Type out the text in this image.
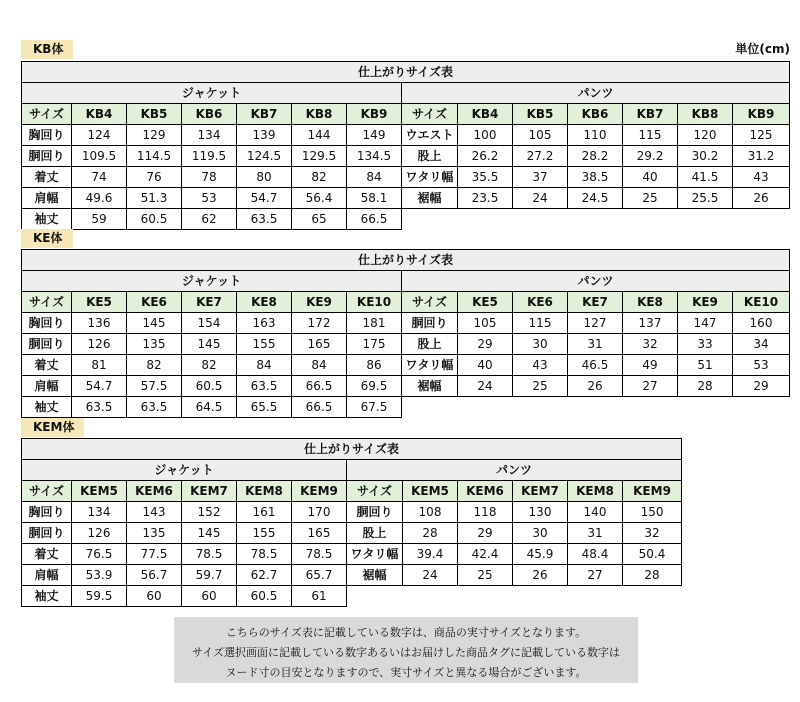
単位(cm)
KB体
仕上がりサイズ表													
ジャケット							パンツ						
サイズ	KB4	KB5	KB6	KB7	KB8	KB9	サイズ	KB4	KB5	KB6	KB7	KB8	KB9
胸回り	124	129	134	139	144	149	ウエスト	100	105	110	115	120	125
胴回り	109.5	114.5	119.5	124.5	129.5	134.5	股上	26.2	27.2	28.2	29.2	30.2	31.2
着丈	74	76	78	80	82	84	ワタリ幅	35.5	37	38.5	40	41.5	43
肩幅	49.6	51.3	53	54.7	56.4	58.1	裾幅	23.5	24	24.5	25	25.5	26
袖丈	59	60.5	62	63.5	65	66.5							
KE体
仕上がりサイズ表													
ジャケット							パンツ						
サイズ	KE5	KE6	KE7	KE8	KE9	KE10	サイズ	KE5	KE6	KE7	KE8	KE9	KE10
胸回り	136	145	154	163	172	181	胴回り	105	115	127	137	147	160
胴回り	126	135	145	155	165	175	股上	29	30	31	32	33	34
着丈	81	82	82	84	84	86	ワタリ幅	40	43	46.5	49	51	53
肩幅	54.7	57.5	60.5	63.5	66.5	69.5	裾幅	24	25	26	27	28	29
袖丈	63.5	63.5	64.5	65.5	66.5	67.5							
KEM体
仕上がりサイズ表											
ジャケット						パンツ					
サイズ	KEM5	KEM6	KEM7	KEM8	KEM9	サイズ	KEM5	KEM6	KEM7	KEM8	KEM9
胸回り	134	143	152	161	170	胴回り	108	118	130	140	150
胴回り	126	135	145	155	165	股上	28	29	30	31	32
着丈	76.5	77.5	78.5	78.5	78.5	ワタリ幅	39.4	42.4	45.9	48.4	50.4
肩幅	53.9	56.7	59.7	62.7	65.7	裾幅	24	25	26	27	28
袖丈	59.5	60	60	60.5	61						
こちらのサイズ表に記載している数字は、商品の実寸サイズとなります。
サイズ選択画面に記載している数字あるいはお届けした商品タグに記載している数字は
ヌード寸の目安となりますので、実寸サイズと異なる場合がございます。
